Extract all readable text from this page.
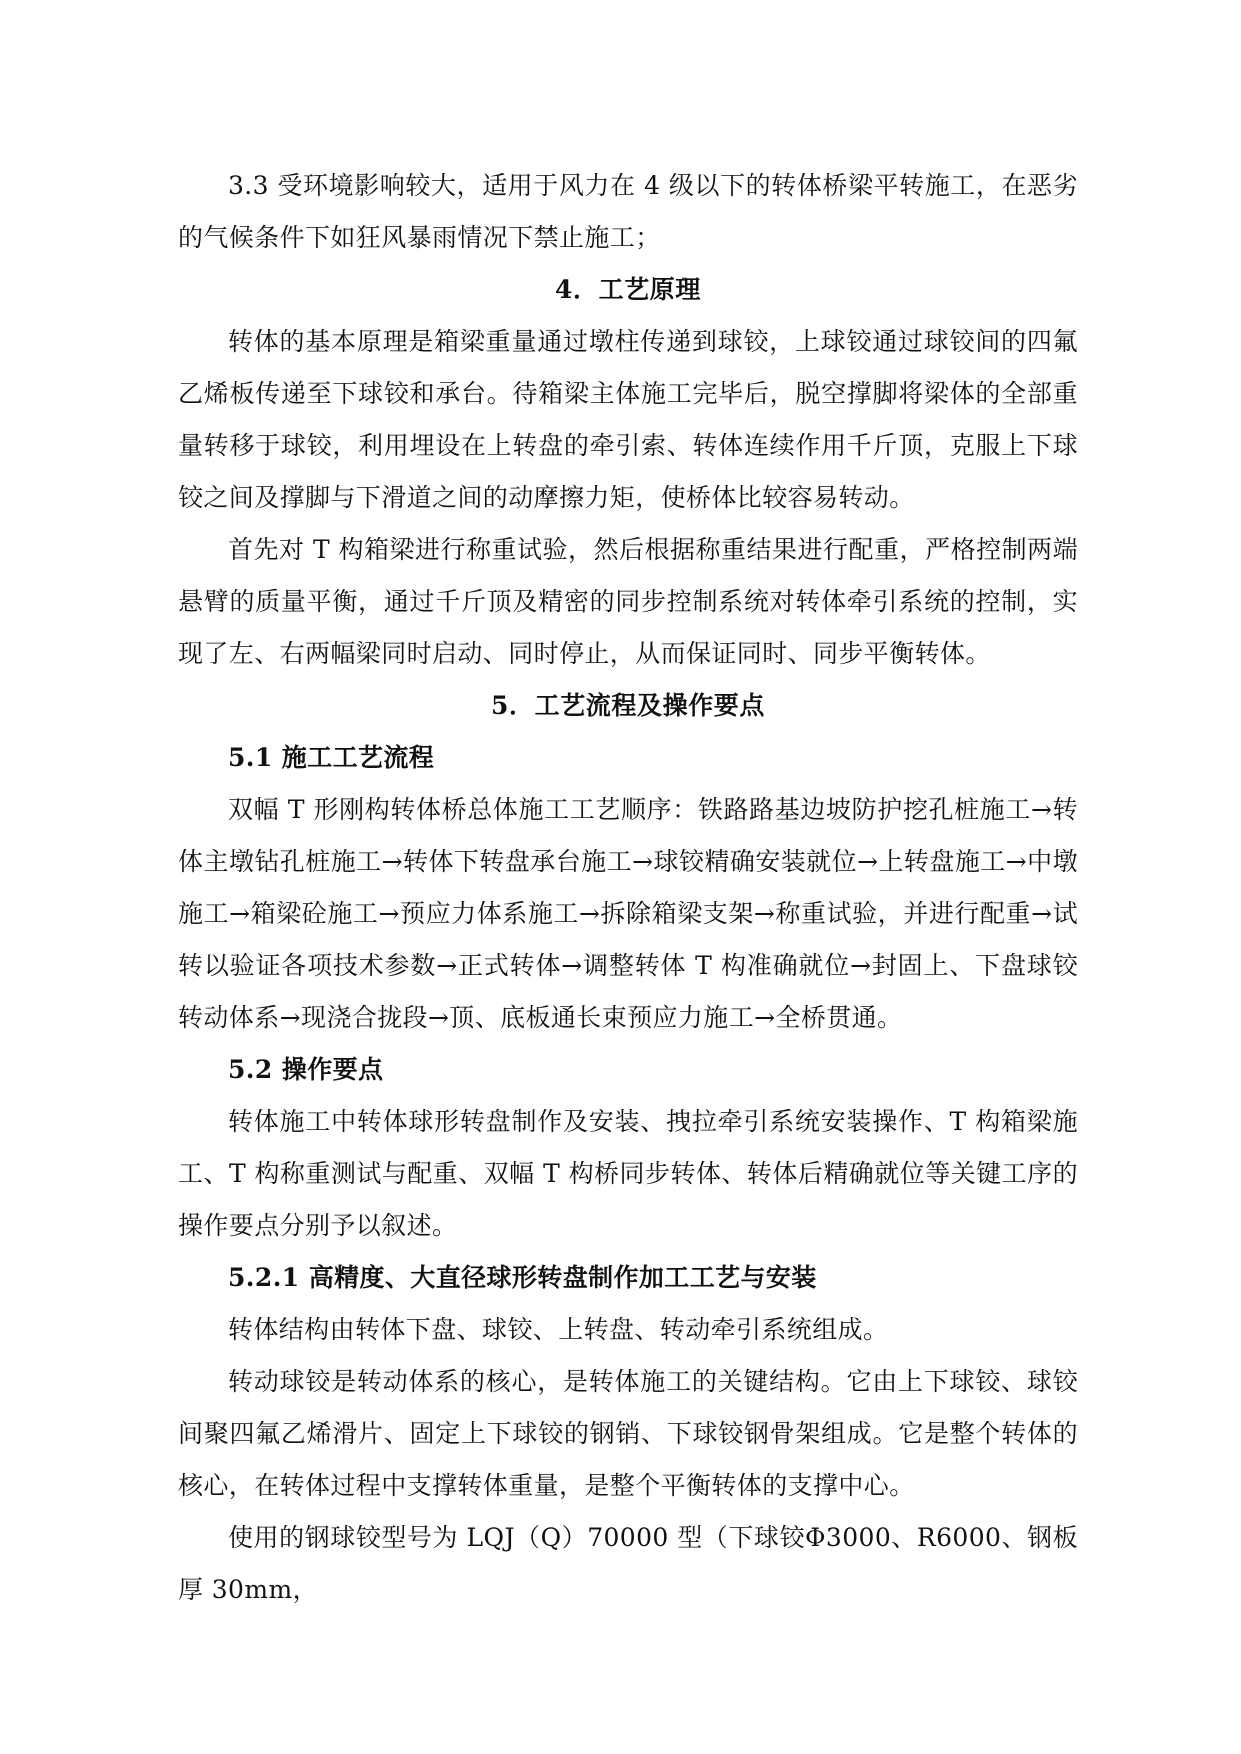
3.3 受环境影响较大，适用于风力在 4 级以下的转体桥梁平转施工，在恶劣的气候条件下如狂风暴雨情况下禁止施工；

4．工艺原理

转体的基本原理是箱梁重量通过墩柱传递到球铰，上球铰通过球铰间的四氟乙烯板传递至下球铰和承台。待箱梁主体施工完毕后，脱空撑脚将梁体的全部重量转移于球铰，利用埋设在上转盘的牵引索、转体连续作用千斤顶，克服上下球铰之间及撑脚与下滑道之间的动摩擦力矩，使桥体比较容易转动。

首先对 T 构箱梁进行称重试验，然后根据称重结果进行配重，严格控制两端悬臂的质量平衡，通过千斤顶及精密的同步控制系统对转体牵引系统的控制，实现了左、右两幅梁同时启动、同时停止，从而保证同时、同步平衡转体。

5．工艺流程及操作要点

5.1 施工工艺流程

双幅 T 形刚构转体桥总体施工工艺顺序：铁路路基边坡防护挖孔桩施工→转体主墩钻孔桩施工→转体下转盘承台施工→球铰精确安装就位→上转盘施工→中墩施工→箱梁砼施工→预应力体系施工→拆除箱梁支架→称重试验，并进行配重→试转以验证各项技术参数→正式转体→调整转体 T 构准确就位→封固上、下盘球铰转动体系→现浇合拢段→顶、底板通长束预应力施工→全桥贯通。

5.2 操作要点

转体施工中转体球形转盘制作及安装、拽拉牵引系统安装操作、T 构箱梁施工、T 构称重测试与配重、双幅 T 构桥同步转体、转体后精确就位等关键工序的操作要点分别予以叙述。

5.2.1 高精度、大直径球形转盘制作加工工艺与安装

转体结构由转体下盘、球铰、上转盘、转动牵引系统组成。

转动球铰是转动体系的核心，是转体施工的关键结构。它由上下球铰、球铰间聚四氟乙烯滑片、固定上下球铰的钢销、下球铰钢骨架组成。它是整个转体的核心，在转体过程中支撑转体重量，是整个平衡转体的支撑中心。

使用的钢球铰型号为 LQJ（Q）70000 型（下球铰Φ3000、R6000、钢板厚 30mm，
